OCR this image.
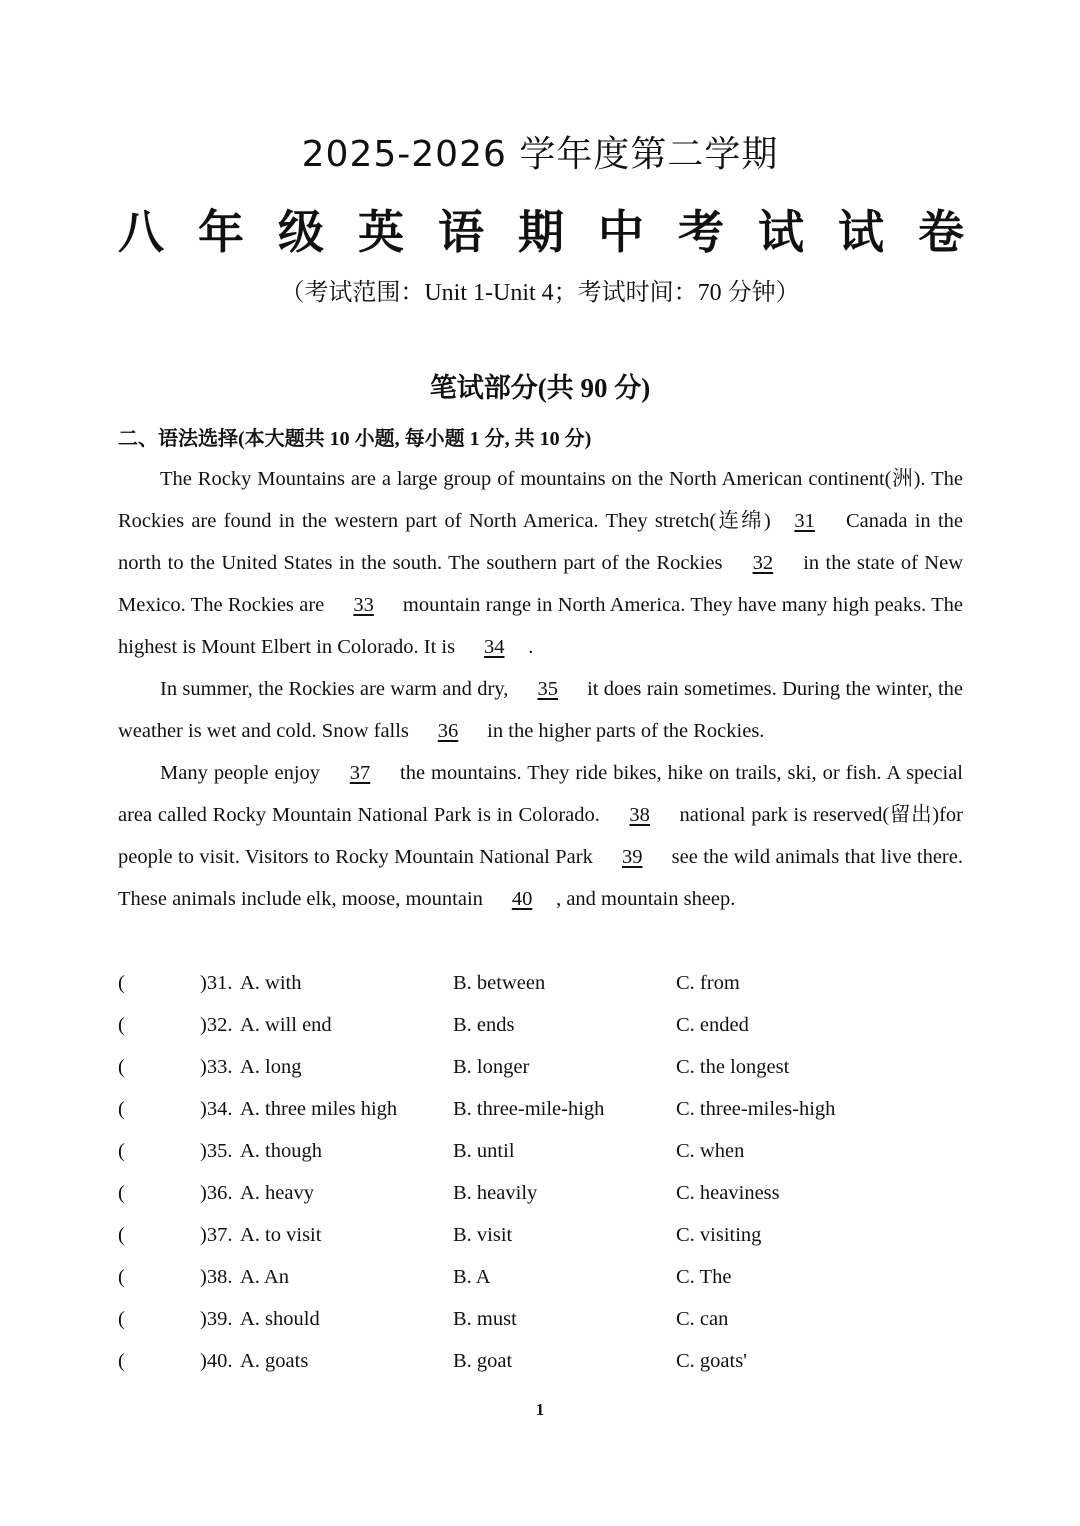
2025-2026 学年度第二学期
八 年 级 英 语 期 中 考 试 试 卷
（考试范围：Unit 1-Unit 4；考试时间：70 分钟）
笔试部分(共 90 分)
二、语法选择(本大题共 10 小题, 每小题 1 分, 共 10 分)

The Rocky Mountains are a large group of mountains on the North American continent(洲). The Rockies are found in the western part of North America. They stretch(连绵) 31 Canada in the north to the United States in the south. The southern part of the Rockies 32 in the state of New Mexico. The Rockies are 33 mountain range in North America. They have many high peaks. The highest is Mount Elbert in Colorado. It is 34 .

In summer, the Rockies are warm and dry, 35 it does rain sometimes. During the winter, the weather is wet and cold. Snow falls 36 in the higher parts of the Rockies.

Many people enjoy 37 the mountains. They ride bikes, hike on trails, ski, or fish. A special area called Rocky Mountain National Park is in Colorado. 38 national park is reserved(留出)for people to visit. Visitors to Rocky Mountain National Park 39 see the wild animals that live there. These animals include elk, moose, mountain 40 , and mountain sheep.

(	)31. A. with	B. between	C. from
(	)32. A. will end	B. ends	C. ended
(	)33. A. long	B. longer	C. the longest
(	)34. A. three miles high	B. three-mile-high	C. three-miles-high
(	)35. A. though	B. until	C. when
(	)36. A. heavy	B. heavily	C. heaviness
(	)37. A. to visit	B. visit	C. visiting
(	)38. A. An	B. A	C. The
(	)39. A. should	B. must	C. can
(	)40. A. goats	B. goat	C. goats'
1
